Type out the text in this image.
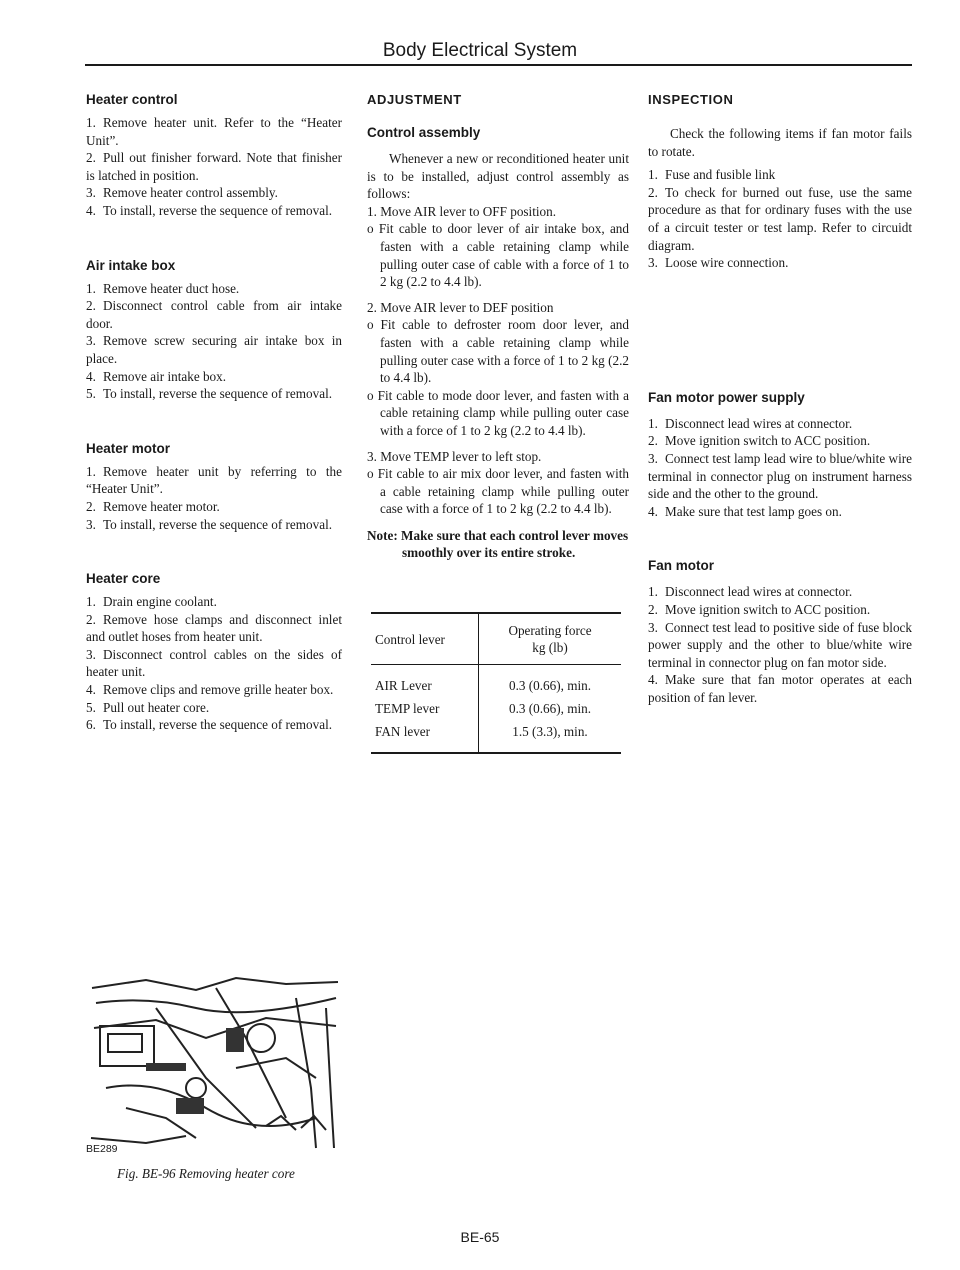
Body Electrical System
Heater control

1. Remove heater unit. Refer to the “Heater Unit”.

2. Pull out finisher forward. Note that finisher is latched in position.

3. Remove heater control assembly.

4. To install, reverse the sequence of removal.

Air intake box

1. Remove heater duct hose.

2. Disconnect control cable from air intake door.

3. Remove screw securing air intake box in place.

4. Remove air intake box.

5. To install, reverse the sequence of removal.

Heater motor

1. Remove heater unit by referring to the “Heater Unit”.

2. Remove heater motor.

3. To install, reverse the sequence of removal.

Heater core

1. Drain engine coolant.

2. Remove hose clamps and disconnect inlet and outlet hoses from heater unit.

3. Disconnect control cables on the sides of heater unit.

4. Remove clips and remove grille heater box.

5. Pull out heater core.

6. To install, reverse the sequence of removal.

BE289
Fig. BE-96 Removing heater core
ADJUSTMENT
Control assembly

Whenever a new or reconditioned heater unit is to be installed, adjust control assembly as follows:

1. Move AIR lever to OFF position.

o Fit cable to door lever of air intake box, and fasten with a cable retaining clamp while pulling outer case of cable with a force of 1 to 2 kg (2.2 to 4.4 lb).

2. Move AIR lever to DEF position

o Fit cable to defroster room door lever, and fasten with a cable retaining clamp while pulling outer case with a force of 1 to 2 kg (2.2 to 4.4 lb).

o Fit cable to mode door lever, and fasten with a cable retaining clamp while pulling outer case with a force of 1 to 2 kg (2.2 to 4.4 lb).

3. Move TEMP lever to left stop.

o Fit cable to air mix door lever, and fasten with a cable retaining clamp while pulling outer case with a force of 1 to 2 kg (2.2 to 4.4 lb).

Note: Make sure that each control lever moves smoothly over its entire stroke.

Control lever	Operating force
kg (lb)
AIR Lever	0.3 (0.66), min.
TEMP lever	0.3 (0.66), min.
FAN lever	1.5 (3.3), min.
INSPECTION

Check the following items if fan motor fails to rotate.

1. Fuse and fusible link

2. To check for burned out fuse, use the same procedure as that for ordinary fuses with the use of a circuit tester or test lamp. Refer to circuidt diagram.

3. Loose wire connection.

Fan motor power supply

1. Disconnect lead wires at connector.

2. Move ignition switch to ACC position.

3. Connect test lamp lead wire to blue/white wire terminal in connector plug on instrument harness side and the other to the ground.

4. Make sure that test lamp goes on.

Fan motor

1. Disconnect lead wires at connector.

2. Move ignition switch to ACC position.

3. Connect test lead to positive side of fuse block power supply and the other to blue/white wire terminal in connector plug on fan motor side.

4. Make sure that fan motor operates at each position of fan lever.

BE-65
